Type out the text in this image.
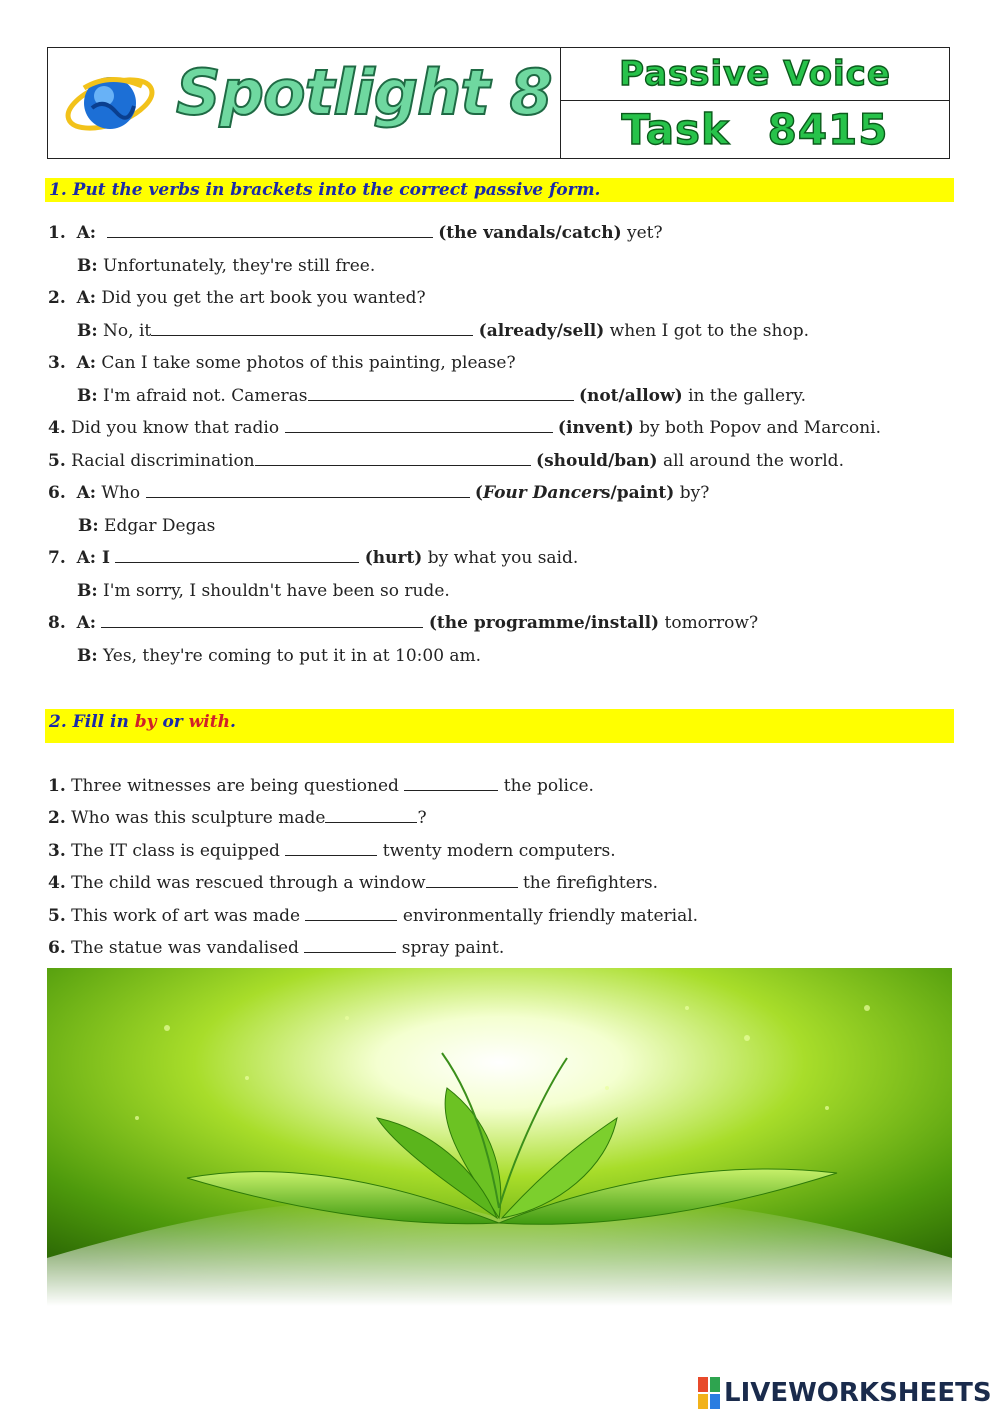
Spotlight 8 Passive Voice
Task 8415
1. Put the verbs in brackets into the correct passive form.
1. A:	(the vandals/catch) yet?
B: Unfortunately, they're still free.
2. A: Did you get the art book you wanted?
B: No, it	(already/sell) when I got to the shop.
3. A: Can I take some photos of this painting, please?
B: I'm afraid not. Cameras	(not/allow) in the gallery.
4. Did you know that radio	(invent) by both Popov and Marconi.
5. Racial discrimination	(should/ban) all around the world.
6. A: Who	(Four Dancers/paint) by?
B: Edgar Degas
7. A: I	(hurt) by what you said.
B: I'm sorry, I shouldn't have been so rude.
8. A:	(the programme/install) tomorrow?
B: Yes, they're coming to put it in at 10:00 am.
2. Fill in by or with.
1. Three witnesses are being questioned	the police.
2. Who was this sculpture made	?
3. The IT class is equipped	twenty modern computers.
4. The child was rescued through a window	the firefighters.
5. This work of art was made	environmentally friendly material.
6. The statue was vandalised	spray paint.
LIVEWORKSHEETS
